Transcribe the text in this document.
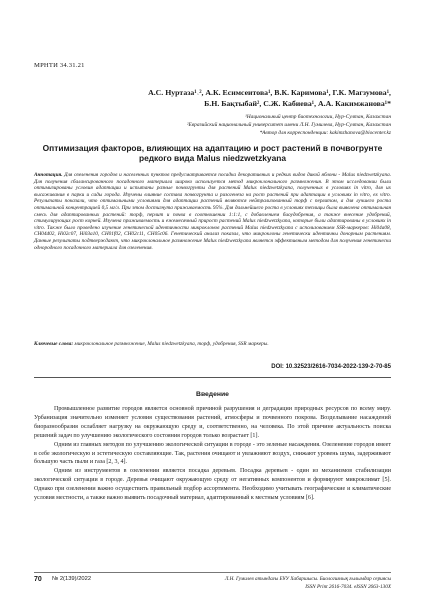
МРНТИ 34.31.21
А.С. Нуртаза¹˒², А.К. Есимсеитова¹, В.К. Каримова¹, Г.К. Магзумова¹,
Б.Н. Бақтыбай², С.Ж. Кабиева¹, А.А. Какимжанова¹*
¹Национальный центр биотехнологии, Нур-Султан, Казахстан
²Евразийский национальный университет имени Л.Н. Гумилева, Нур-Султан, Казахстан
*Автор для корреспонденции: kakimzhanova@biocenter.kz
Оптимизация факторов, влияющих на адаптацию и рост растений в почвогрунте редкого вида Malus niedzwetzkyana
Аннотация. Для озеленения городов и населенных пунктов предусматривается посадка декоративных и редких видов дикой яблони - Malus niedzwetzkyana. Для получения сбалансированного посадочного материала широко используется метод микроклонального размножения. В этом исследовании были оптимизированы условия адаптации и испытаны разные почвогрунты для растений Malus niedzwetzkyana, полученных в условиях in vitro, для их высаживания в парки и сады города. Изучены влияние состава почвогрунта и ризогенеза на рост растений при адаптации в условиях in vitro, ex vitro. Результаты показали, что оптимальными условиями для адаптации растений являются нейтрализованный торф с перлитом, а для лучшего роста оптимальной концентрацией 0,5 мг/л. При этом достигнута приживаемость 95%. Для дальнейшего роста в условиях теплицы была выявлена оптимальная смесь для адаптированных растений: торф, перлит и почва в соотношении 1:1:1, с добавлением биоудобрения, а также внесение удобрений, стимулирующих рост корней. Изучена приживаемость и ежемесячный прирост растений Malus niedzwetzkyana, которые были адаптированы в условиях in vitro. Также было проведено изучение генетической идентичности микроклонов растений Malus niedzwetzkyana с использованием SSR-маркеров: Hi04a08, CH04d02, Hi02c07, Hi03a10, CH01f02, CH02c11, CH05c06. Генетический анализ показал, что микроклоны генетически идентичны донорным растениям. Данные результаты подтверждают, что микроклональное размножение Malus niedzwetzkyana является эффективным методом для получения генетически однородного посадочного материала для озеленения.
Ключевые слова: микроклональное размножение, Malus niedzwetzkyana, торф, удобрения, SSR маркеры.
DOI: 10.32523/2616-7034-2022-139-2-70-85
Введение

Промышленное развитие городов является основной причиной разрушения и деградации природных ресурсов по всему миру. Урбанизация значительно изменяет условия существования растений, атмосферы и почвенного покрова. Возделывание насаждений биоразнообразия ослабляет нагрузку на окружающую среду и, соответственно, на человека. По этой причине актуальность поиска решений задач по улучшению экологического состояния городов только возрастает [1].

Одним из главных методов по улучшению экологической ситуации в городе - это зеленые насаждения. Озеленение городов имеет в себе экологическую и эстетическую составляющие. Так, растения очищают и увлажняют воздух, снижают уровень шума, задерживают большую часть пыли и газа [2, 3, 4].

Одним из инструментов в озеленении является посадка деревьев. Посадка деревьев - один из механизмов стабилизации экологической ситуации в городе. Деревья очищают окружающую среду от негативных компонентов и формируют микроклимат [5]. Однако при озеленении важно осуществить правильный подбор ассортимента. Необходимо учитывать географические и климатические условия местности, а также важно выявить посадочный материал, адаптированный к местным условиям [6].

70 № 2(139)/2022	Л.Н. Гумилев атындағы ЕҰУ Хабаршысы. Биологиялық ғылымдар сериясы
ISSN Print 2616-7034. eISSN 2663-130X
